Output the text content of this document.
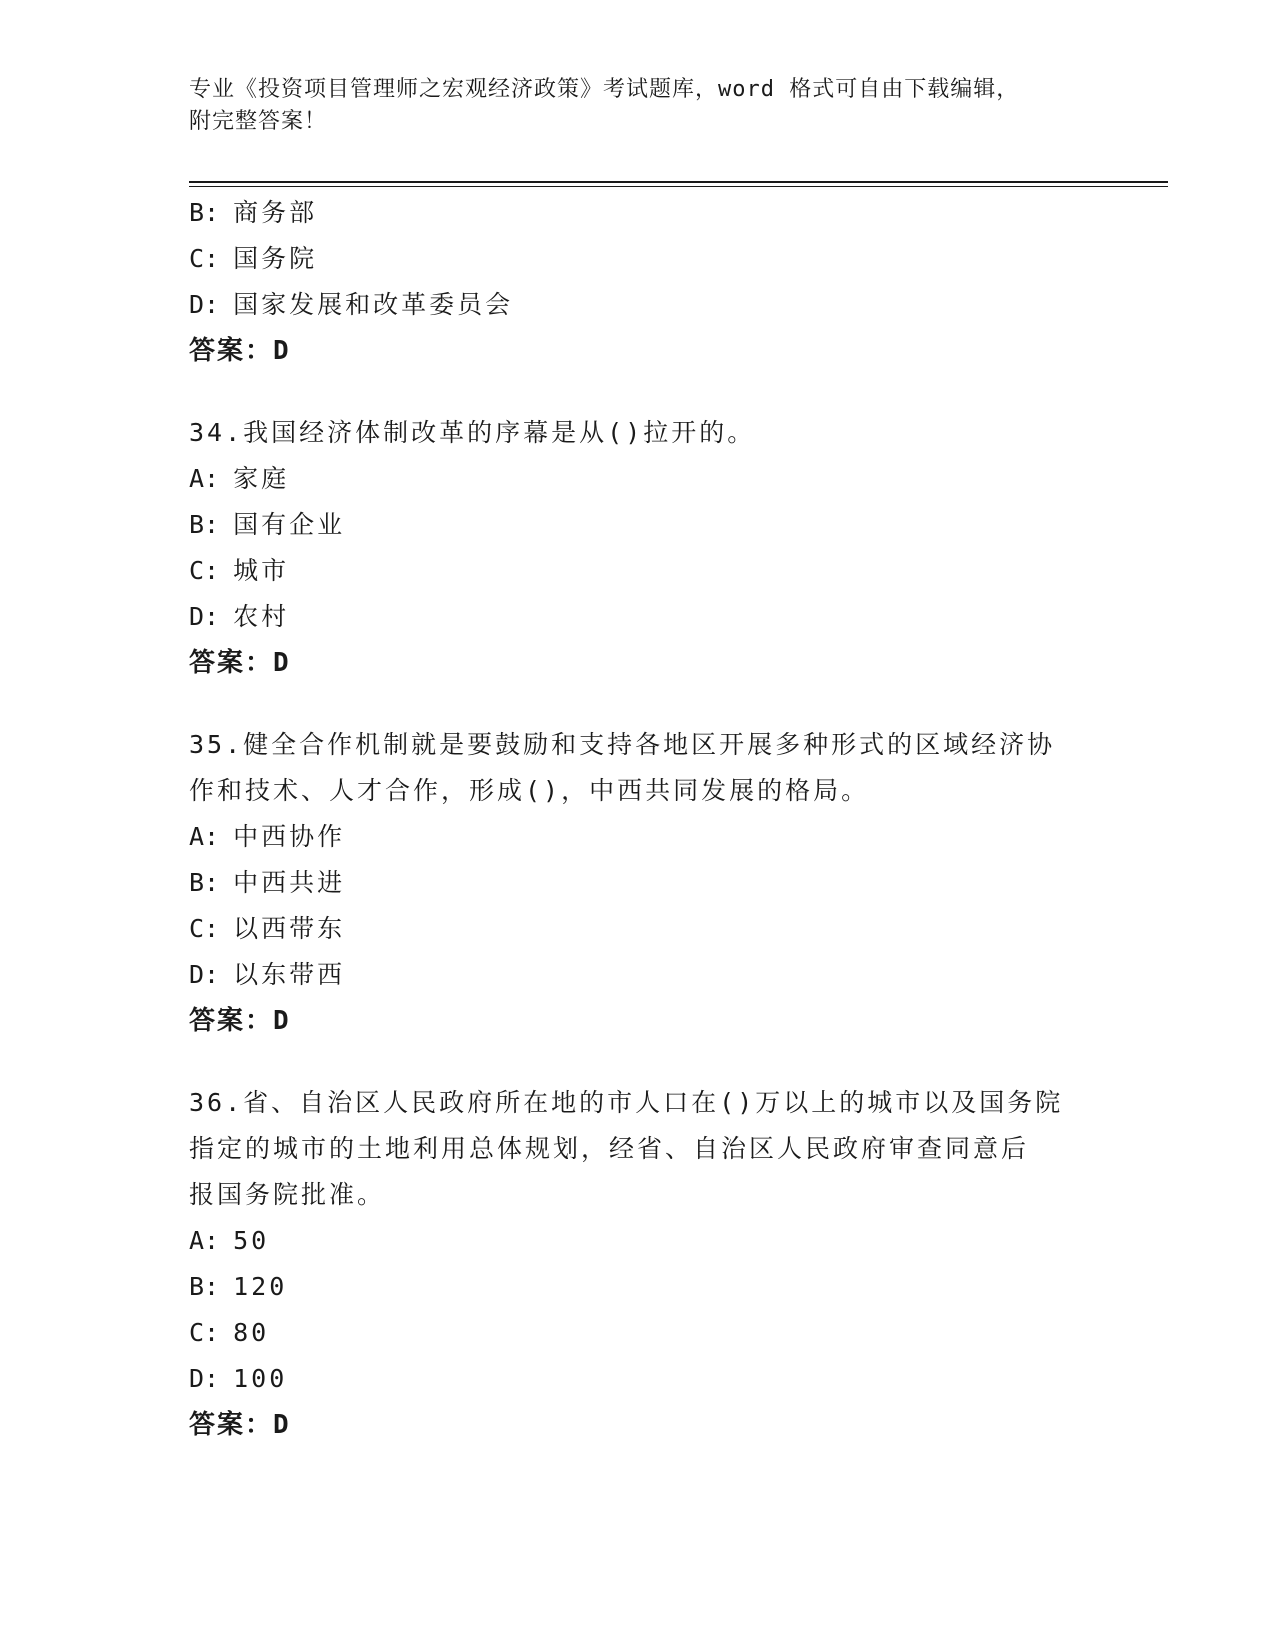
专业《投资项目管理师之宏观经济政策》考试题库，word 格式可自由下载编辑，
附完整答案！
B: 商务部
C: 国务院
D: 国家发展和改革委员会
答案：D
34.我国经济体制改革的序幕是从()拉开的。
A: 家庭
B: 国有企业
C: 城市
D: 农村
答案：D
35.健全合作机制就是要鼓励和支持各地区开展多种形式的区域经济协
作和技术、人才合作，形成()，中西共同发展的格局。
A: 中西协作
B: 中西共进
C: 以西带东
D: 以东带西
答案：D
36.省、自治区人民政府所在地的市人口在()万以上的城市以及国务院
指定的城市的土地利用总体规划，经省、自治区人民政府审查同意后
报国务院批准。
A: 50
B: 120
C: 80
D: 100
答案：D
